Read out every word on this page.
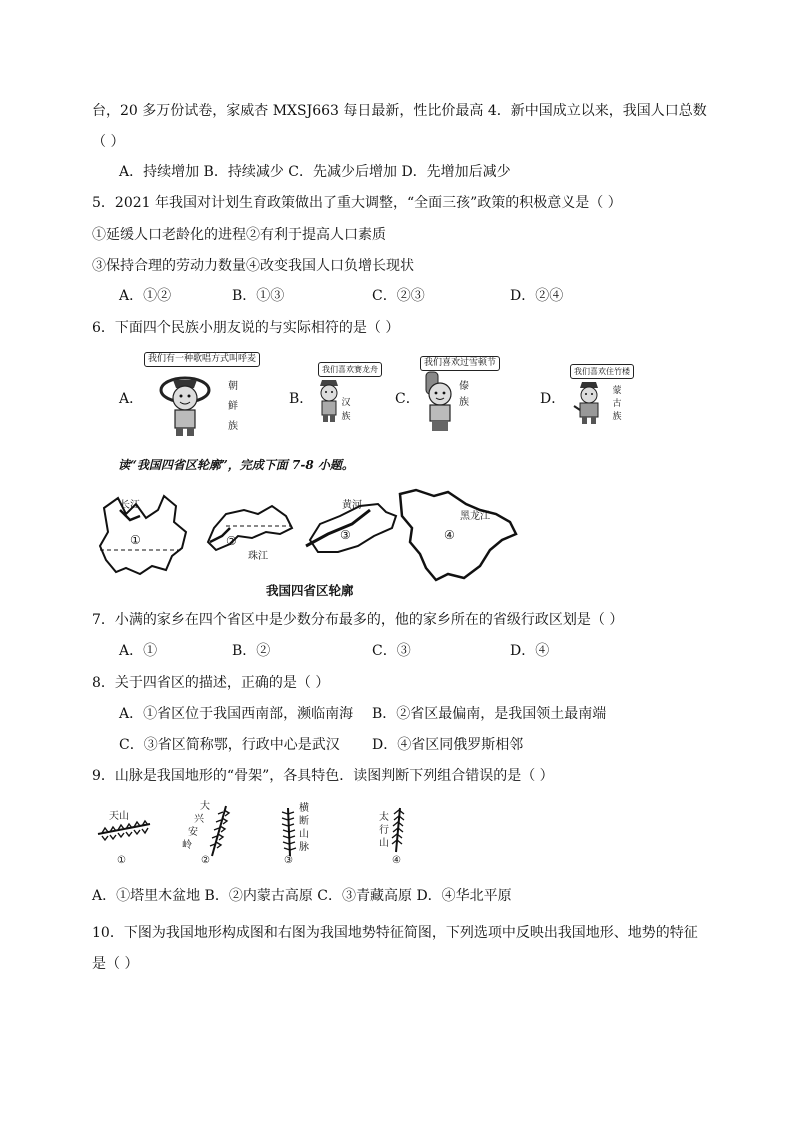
台，20 多万份试卷，家威杏 MXSJ663 每日最新，性比价最高 4．新中国成立以来，我国人口总数
（ ）
A．持续增加 B．持续减少 C．先减少后增加 D．先增加后减少
5．2021 年我国对计划生育政策做出了重大调整，“全面三孩”政策的积极意义是（ ）
①延缓人口老龄化的进程②有利于提高人口素质
③保持合理的劳动力数量④改变我国人口负增长现状
A．①②	B．①③	C．②③	D．②④
6．下面四个民族小朋友说的与实际相符的是（ ）
A．
我们有一种歌唱方式叫呼麦
朝
鲜
族
B．
我们喜欢赛龙舟
汉
族
C．
我们喜欢过雪顿节
傣
族	D．
我们喜欢住竹楼
蒙
古
族
读“我国四省区轮廓”，完成下面 7-8 小题。
长江
珠江
黄河
黑龙江
①	②	③	④
我国四省区轮廓
7．小满的家乡在四个省区中是少数分布最多的，他的家乡所在的省级行政区划是（ ）
A．①	B．②	C．③	D．④
8．关于四省区的描述，正确的是（ ）
A．①省区位于我国西南部，濒临南海 B．②省区最偏南，是我国领土最南端
C．③省区简称鄂，行政中心是武汉 D．④省区同俄罗斯相邻
9．山脉是我国地形的“骨架”，各具特色．读图判断下列组合错误的是（ ）
天山
①
大
兴
安
岭
②
横
断
山
脉
③
太
行
山
④
A．①塔里木盆地 B．②内蒙古高原 C．③青藏高原 D．④华北平原
10．下图为我国地形构成图和右图为我国地势特征简图，下列选项中反映出我国地形、地势的特征
是（ ）
